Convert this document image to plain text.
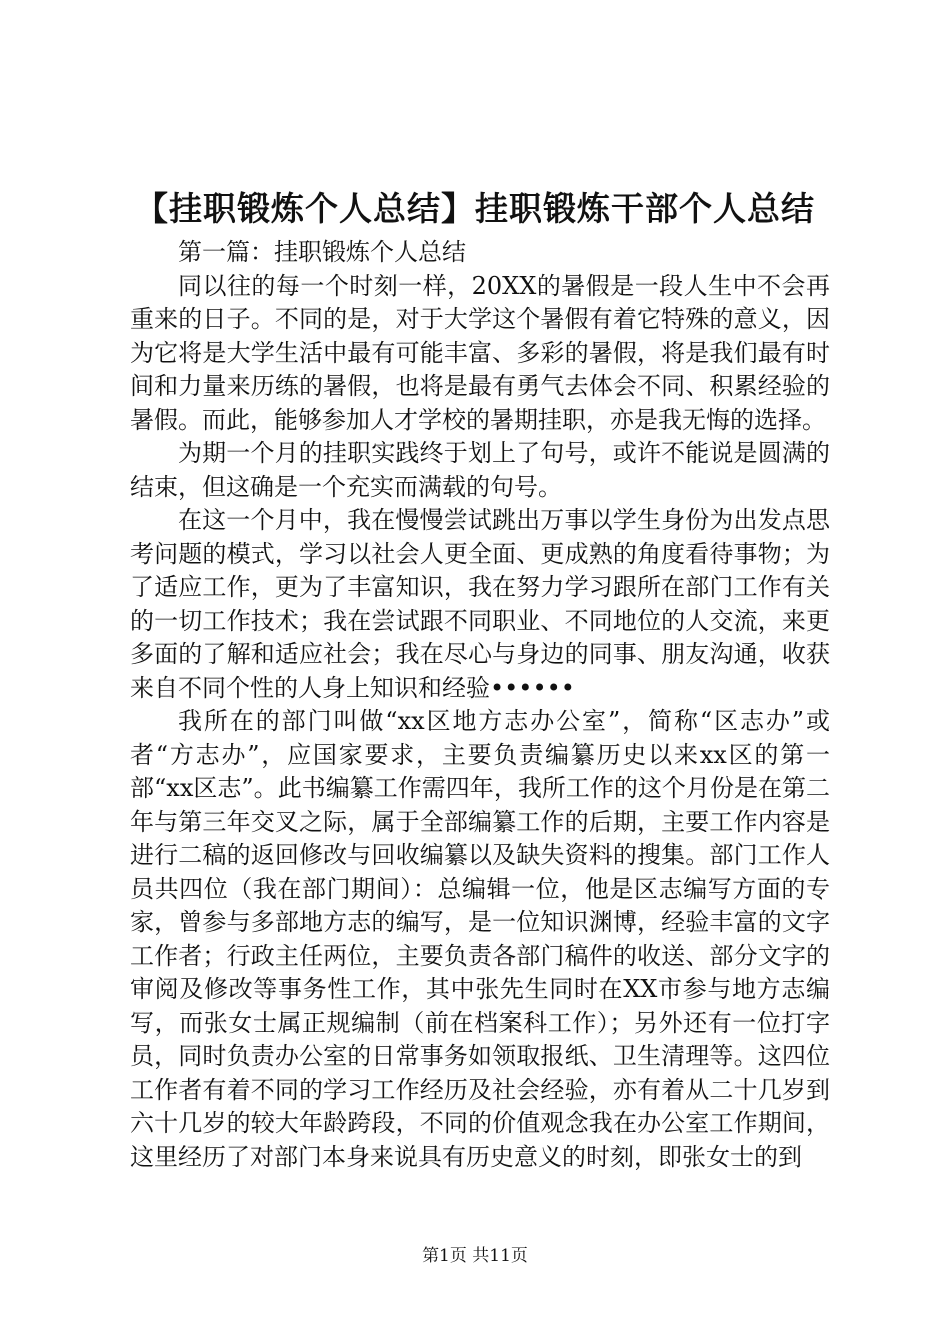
【挂职锻炼个人总结】挂职锻炼干部个人总结

第一篇：挂职锻炼个人总结

同以往的每一个时刻一样，20XX的暑假是一段人生中不会再重来的日子。不同的是，对于大学这个暑假有着它特殊的意义，因为它将是大学生活中最有可能丰富、多彩的暑假，将是我们最有时间和力量来历练的暑假，也将是最有勇气去体会不同、积累经验的暑假。而此，能够参加人才学校的暑期挂职，亦是我无悔的选择。

为期一个月的挂职实践终于划上了句号，或许不能说是圆满的结束，但这确是一个充实而满载的句号。

在这一个月中，我在慢慢尝试跳出万事以学生身份为出发点思考问题的模式，学习以社会人更全面、更成熟的角度看待事物；为了适应工作，更为了丰富知识，我在努力学习跟所在部门工作有关的一切工作技术；我在尝试跟不同职业、不同地位的人交流，来更多面的了解和适应社会；我在尽心与身边的同事、朋友沟通，收获来自不同个性的人身上知识和经验••••••

我所在的部门叫做“xx区地方志办公室”，简称“区志办”或者“方志办”，应国家要求，主要负责编纂历史以来xx区的第一部“xx区志”。此书编纂工作需四年，我所工作的这个月份是在第二年与第三年交叉之际，属于全部编纂工作的后期，主要工作内容是进行二稿的返回修改与回收编纂以及缺失资料的搜集。部门工作人员共四位（我在部门期间）：总编辑一位，他是区志编写方面的专家，曾参与多部地方志的编写，是一位知识渊博，经验丰富的文字工作者；行政主任两位，主要负责各部门稿件的收送、部分文字的审阅及修改等事务性工作，其中张先生同时在XX市参与地方志编写，而张女士属正规编制（前在档案科工作）；另外还有一位打字员，同时负责办公室的日常事务如领取报纸、卫生清理等。这四位工作者有着不同的学习工作经历及社会经验，亦有着从二十几岁到六十几岁的较大年龄跨段，不同的价值观念我在办公室工作期间，这里经历了对部门本身来说具有历史意义的时刻，即张女士的到

第1页 共11页
